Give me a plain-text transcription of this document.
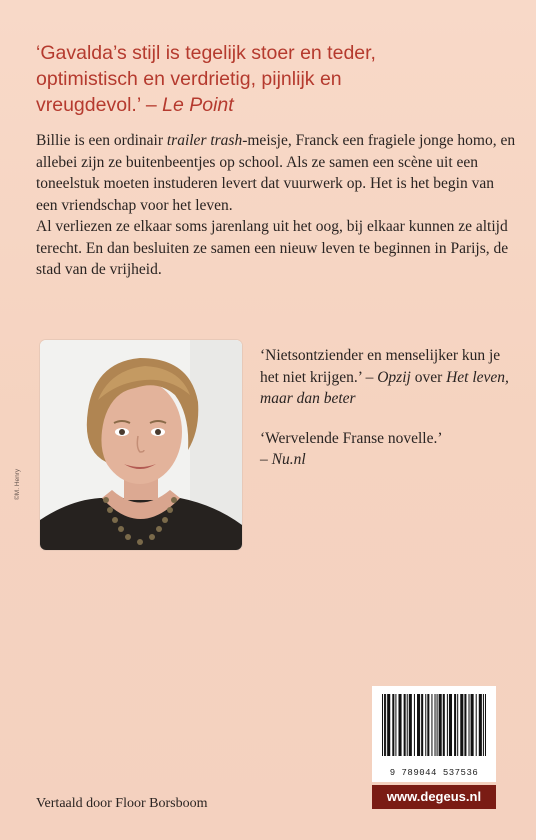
‘Gavalda’s stijl is tegelijk stoer en teder,
optimistisch en verdrietig, pijnlijk en
vreugdevol.’ – Le Point

Billie is een ordinair trailer trash-meisje, Franck een fragiele jonge homo, en allebei zijn ze buitenbeentjes op school. Als ze samen een scène uit een toneelstuk moeten instuderen levert dat vuurwerk op. Het is het begin van een vriendschap voor het leven.

Al verliezen ze elkaar soms jarenlang uit het oog, bij elkaar kunnen ze altijd terecht. En dan besluiten ze samen een nieuw leven te beginnen in Parijs, de stad van de vrijheid.

©M. Henry

‘Nietsontziender en menselijker kun je het niet krijgen.’ – Opzij over Het leven, maar dan beter

‘Wervelende Franse novelle.’
– Nu.nl

9 789044 537536
www.degeus.nl
Vertaald door Floor Borsboom
